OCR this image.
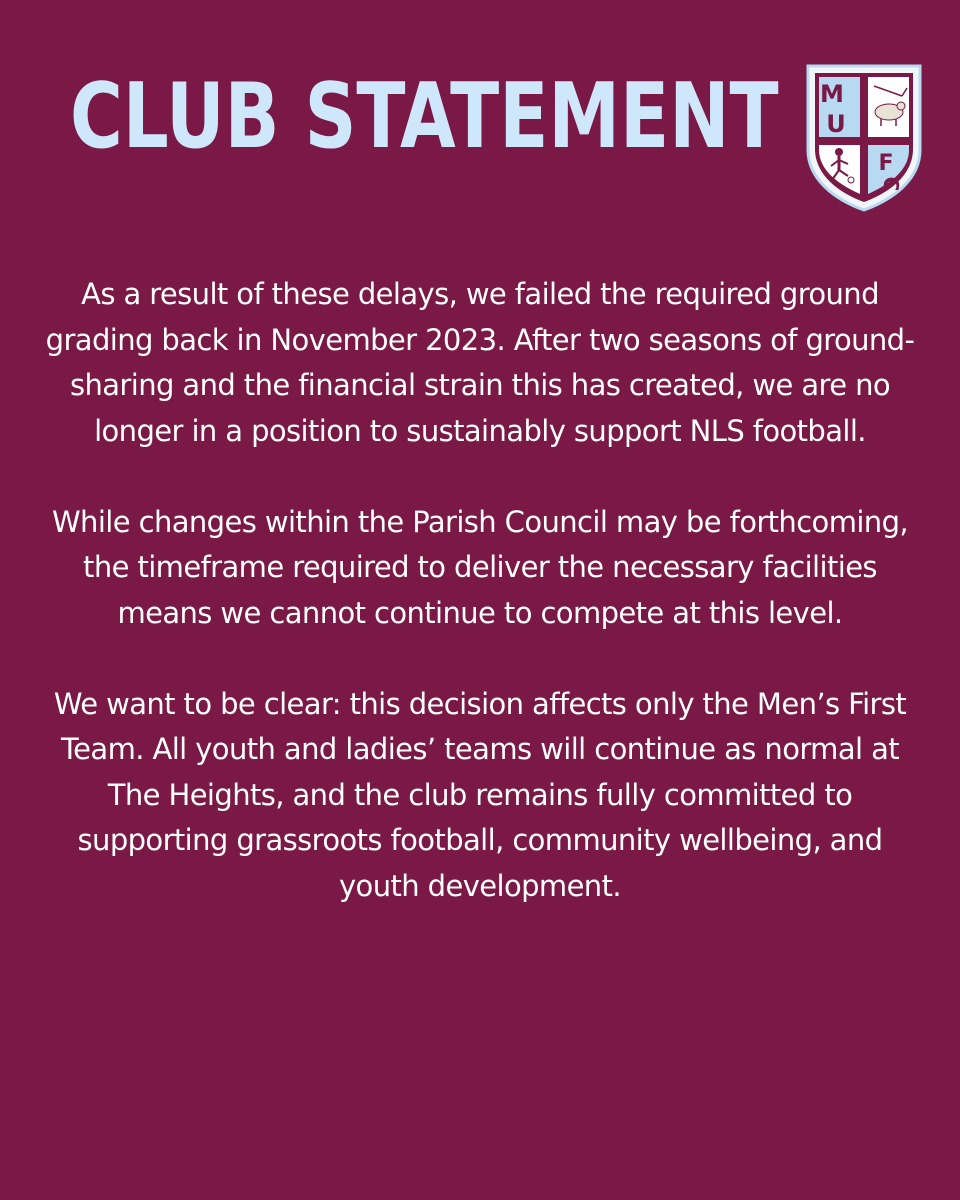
CLUB STATEMENT M
U
F
C

As a result of these delays, we failed the required ground grading back in November 2023. After two seasons of ground-sharing and the financial strain this has created, we are no longer in a position to sustainably support NLS football.

While changes within the Parish Council may be forthcoming, the timeframe required to deliver the necessary facilities means we cannot continue to compete at this level.

We want to be clear: this decision affects only the Men’s First Team. All youth and ladies’ teams will continue as normal at The Heights, and the club remains fully committed to supporting grassroots football, community wellbeing, and youth development.
